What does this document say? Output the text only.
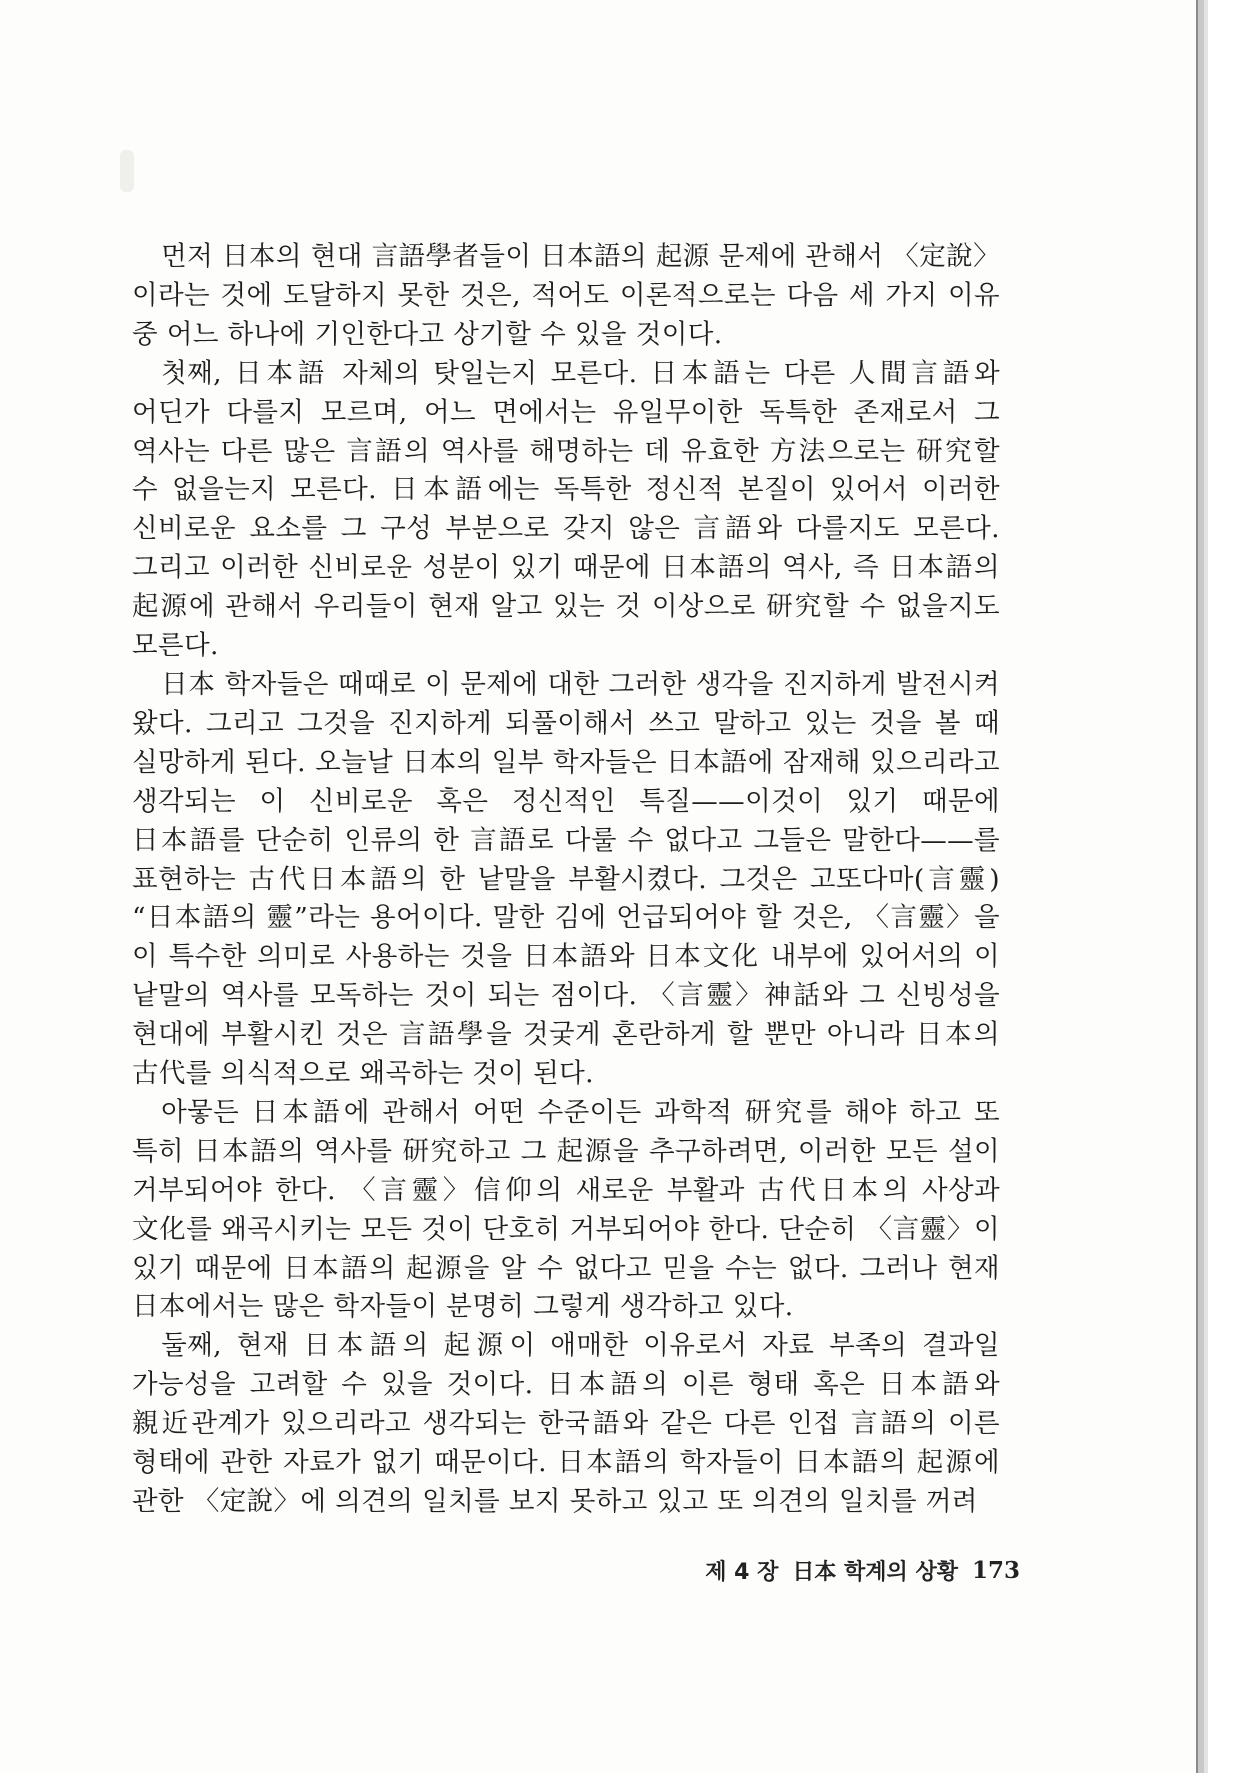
먼저 日本의 현대 言語學者들이 日本語의 起源 문제에 관해서 〈定說〉이라는 것에 도달하지 못한 것은, 적어도 이론적으로는 다음 세 가지 이유 중 어느 하나에 기인한다고 상기할 수 있을 것이다.

첫째, 日本語 자체의 탓일는지 모른다. 日本語는 다른 人間言語와 어딘가 다를지 모르며, 어느 면에서는 유일무이한 독특한 존재로서 그 역사는 다른 많은 言語의 역사를 해명하는 데 유효한 方法으로는 研究할 수 없을는지 모른다. 日本語에는 독특한 정신적 본질이 있어서 이러한 신비로운 요소를 그 구성 부분으로 갖지 않은 言語와 다를지도 모른다. 그리고 이러한 신비로운 성분이 있기 때문에 日本語의 역사, 즉 日本語의 起源에 관해서 우리들이 현재 알고 있는 것 이상으로 研究할 수 없을지도 모른다.

日本 학자들은 때때로 이 문제에 대한 그러한 생각을 진지하게 발전시켜 왔다. 그리고 그것을 진지하게 되풀이해서 쓰고 말하고 있는 것을 볼 때 실망하게 된다. 오늘날 日本의 일부 학자들은 日本語에 잠재해 있으리라고 생각되는 이 신비로운 혹은 정신적인 특질——이것이 있기 때문에 日本語를 단순히 인류의 한 言語로 다룰 수 없다고 그들은 말한다——를 표현하는 古代日本語의 한 낱말을 부활시켰다. 그것은 고또다마(言靈) “日本語의 靈”라는 용어이다. 말한 김에 언급되어야 할 것은, 〈言靈〉을 이 특수한 의미로 사용하는 것을 日本語와 日本文化 내부에 있어서의 이 낱말의 역사를 모독하는 것이 되는 점이다. 〈言靈〉神話와 그 신빙성을 현대에 부활시킨 것은 言語學을 것궂게 혼란하게 할 뿐만 아니라 日本의 古代를 의식적으로 왜곡하는 것이 된다.

아뭏든 日本語에 관해서 어떤 수준이든 과학적 研究를 해야 하고 또 특히 日本語의 역사를 研究하고 그 起源을 추구하려면, 이러한 모든 설이 거부되어야 한다. 〈言靈〉信仰의 새로운 부활과 古代日本의 사상과 文化를 왜곡시키는 모든 것이 단호히 거부되어야 한다. 단순히 〈言靈〉이 있기 때문에 日本語의 起源을 알 수 없다고 믿을 수는 없다. 그러나 현재 日本에서는 많은 학자들이 분명히 그렇게 생각하고 있다.

둘째, 현재 日本語의 起源이 애매한 이유로서 자료 부족의 결과일 가능성을 고려할 수 있을 것이다. 日本語의 이른 형태 혹은 日本語와 親近관계가 있으리라고 생각되는 한국語와 같은 다른 인접 言語의 이른 형태에 관한 자료가 없기 때문이다. 日本語의 학자들이 日本語의 起源에 관한 〈定說〉에 의견의 일치를 보지 못하고 있고 또 의견의 일치를 꺼려

제 4 장 日本 학계의 상황 173
